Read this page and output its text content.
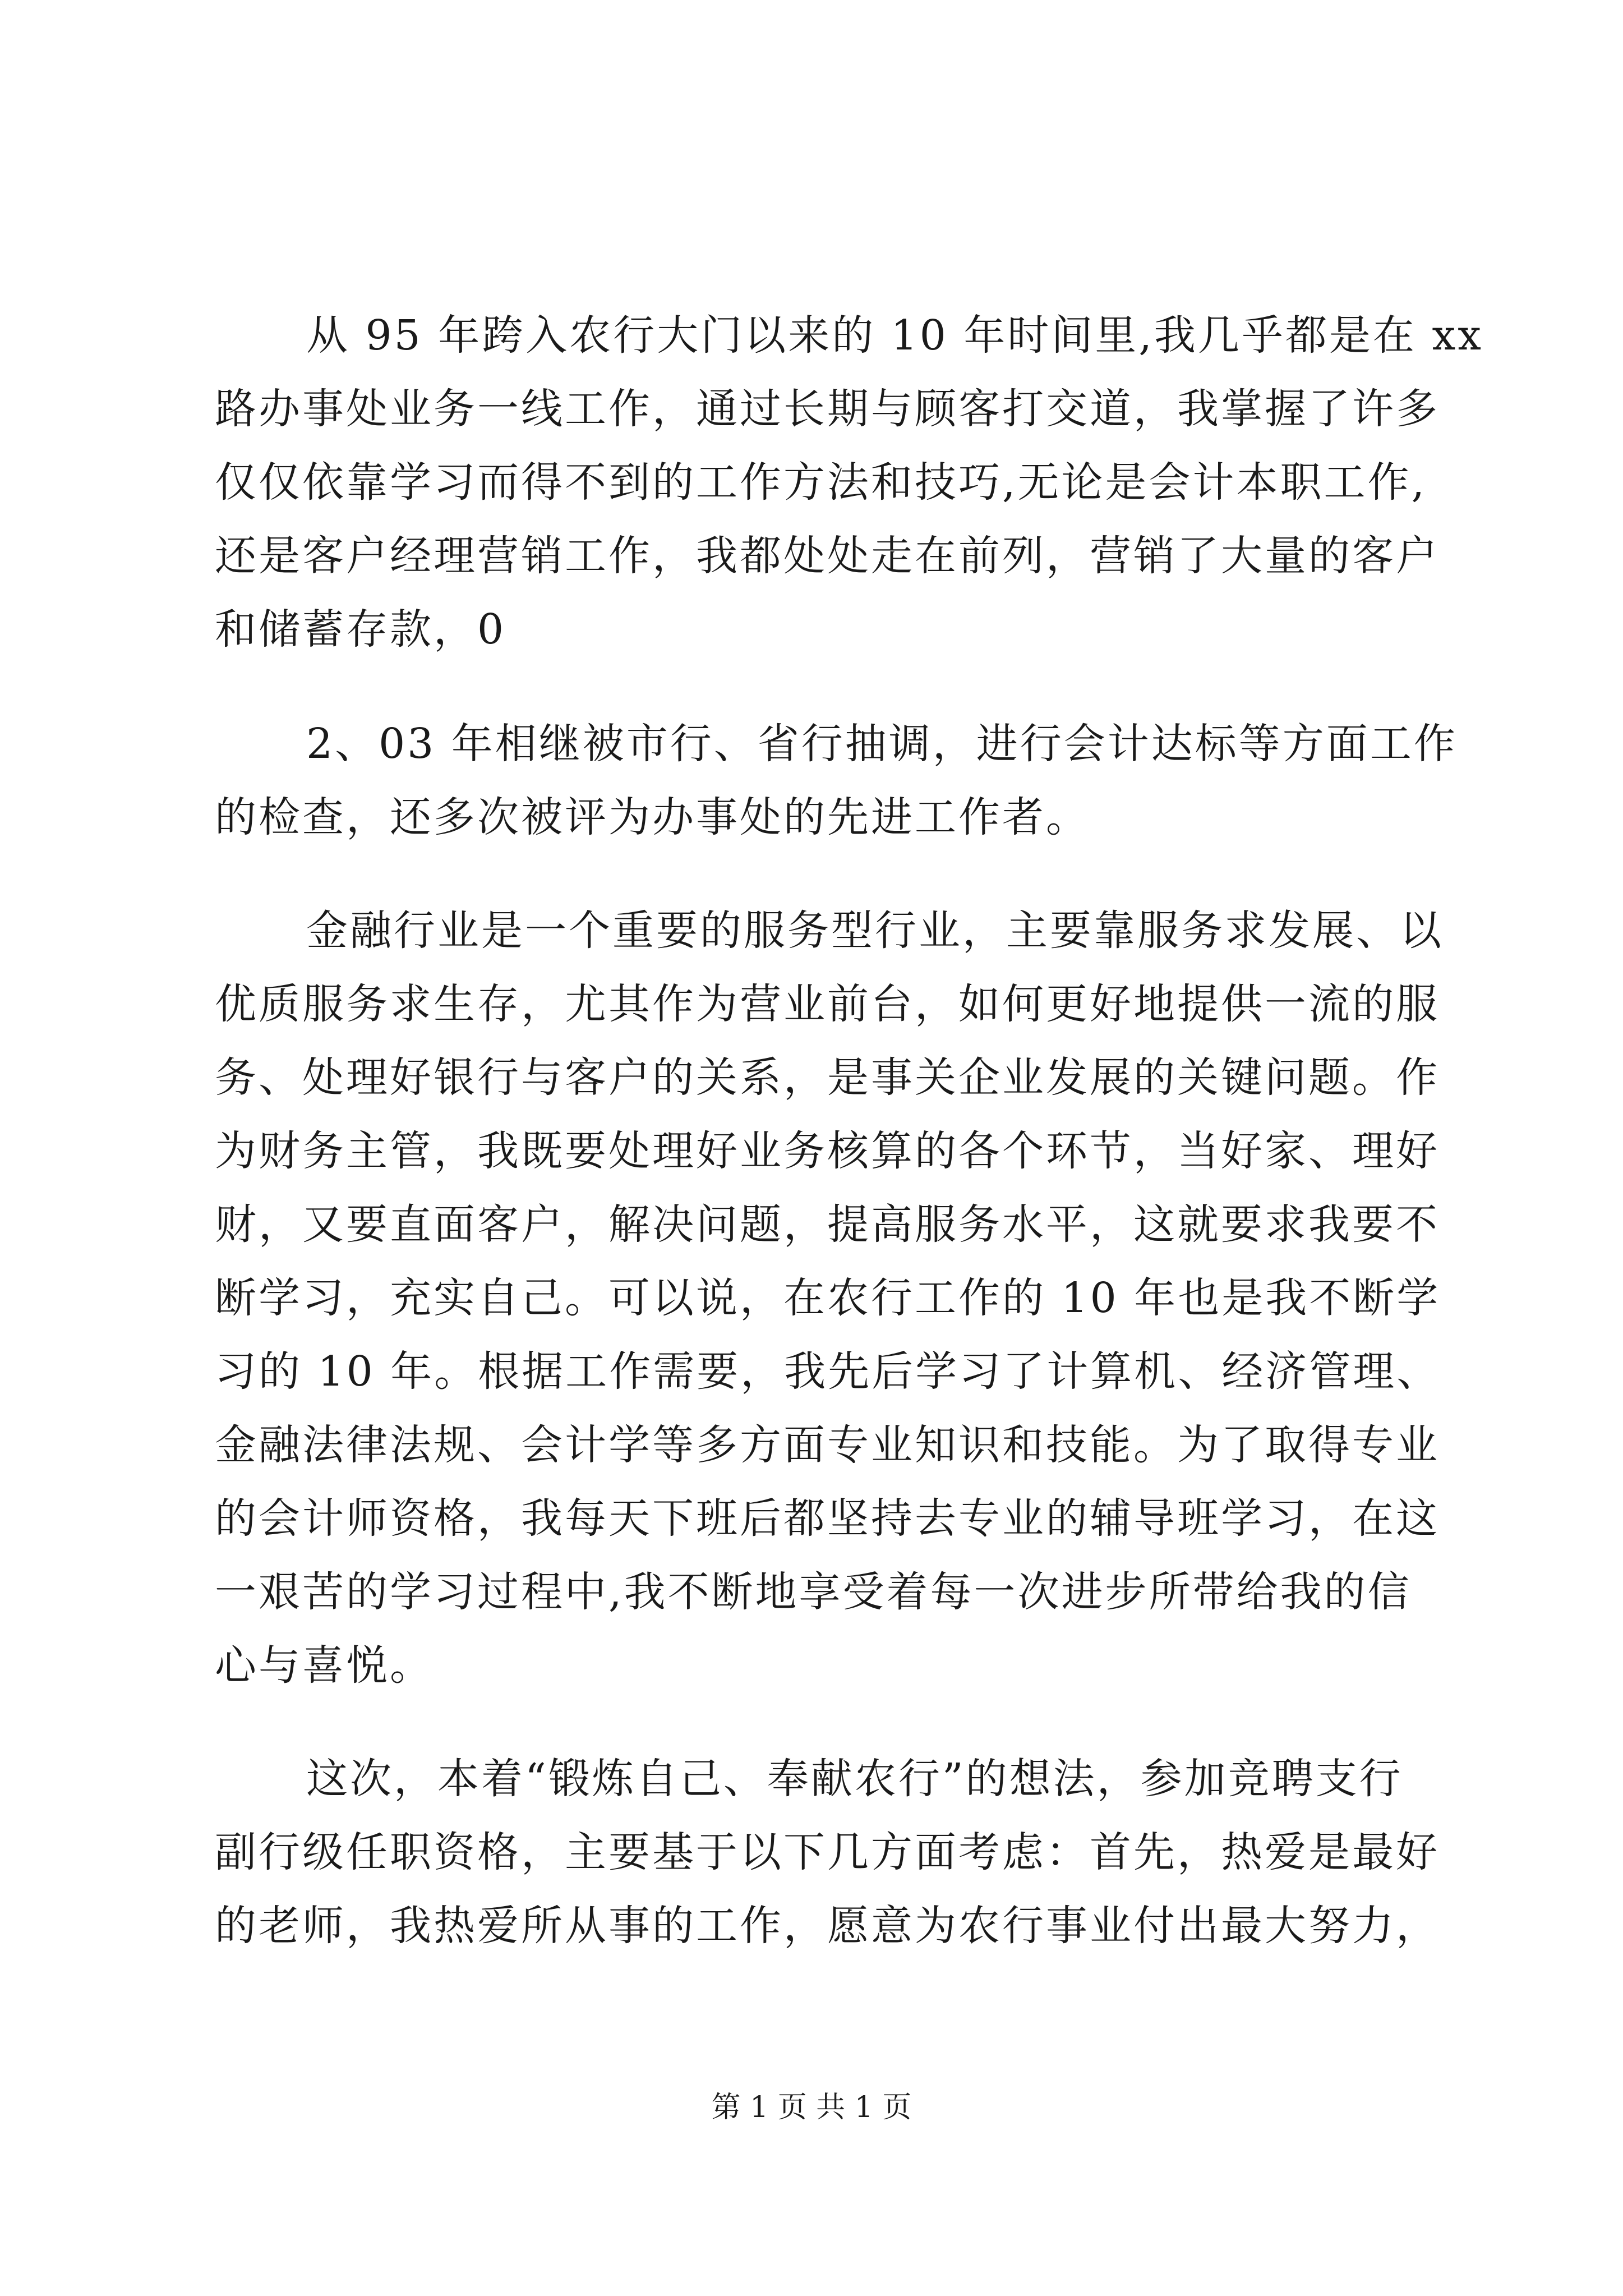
从 95 年跨入农行大门以来的 10 年时间里,我几乎都是在 xx
路办事处业务一线工作，通过长期与顾客打交道，我掌握了许多
仅仅依靠学习而得不到的工作方法和技巧,无论是会计本职工作,
还是客户经理营销工作，我都处处走在前列，营销了大量的客户
和储蓄存款，0
2、03 年相继被市行、省行抽调，进行会计达标等方面工作
的检查，还多次被评为办事处的先进工作者。
金融行业是一个重要的服务型行业，主要靠服务求发展、以
优质服务求生存，尤其作为营业前台，如何更好地提供一流的服
务、处理好银行与客户的关系，是事关企业发展的关键问题。作
为财务主管，我既要处理好业务核算的各个环节，当好家、理好
财，又要直面客户，解决问题，提高服务水平，这就要求我要不
断学习，充实自己。可以说，在农行工作的 10 年也是我不断学
习的 10 年。根据工作需要，我先后学习了计算机、经济管理、
金融法律法规、会计学等多方面专业知识和技能。为了取得专业
的会计师资格，我每天下班后都坚持去专业的辅导班学习，在这
一艰苦的学习过程中,我不断地享受着每一次进步所带给我的信
心与喜悦。
这次，本着“锻炼自己、奉献农行”的想法，参加竞聘支行
副行级任职资格，主要基于以下几方面考虑：首先，热爱是最好
的老师，我热爱所从事的工作，愿意为农行事业付出最大努力，
第 1 页 共 1 页
